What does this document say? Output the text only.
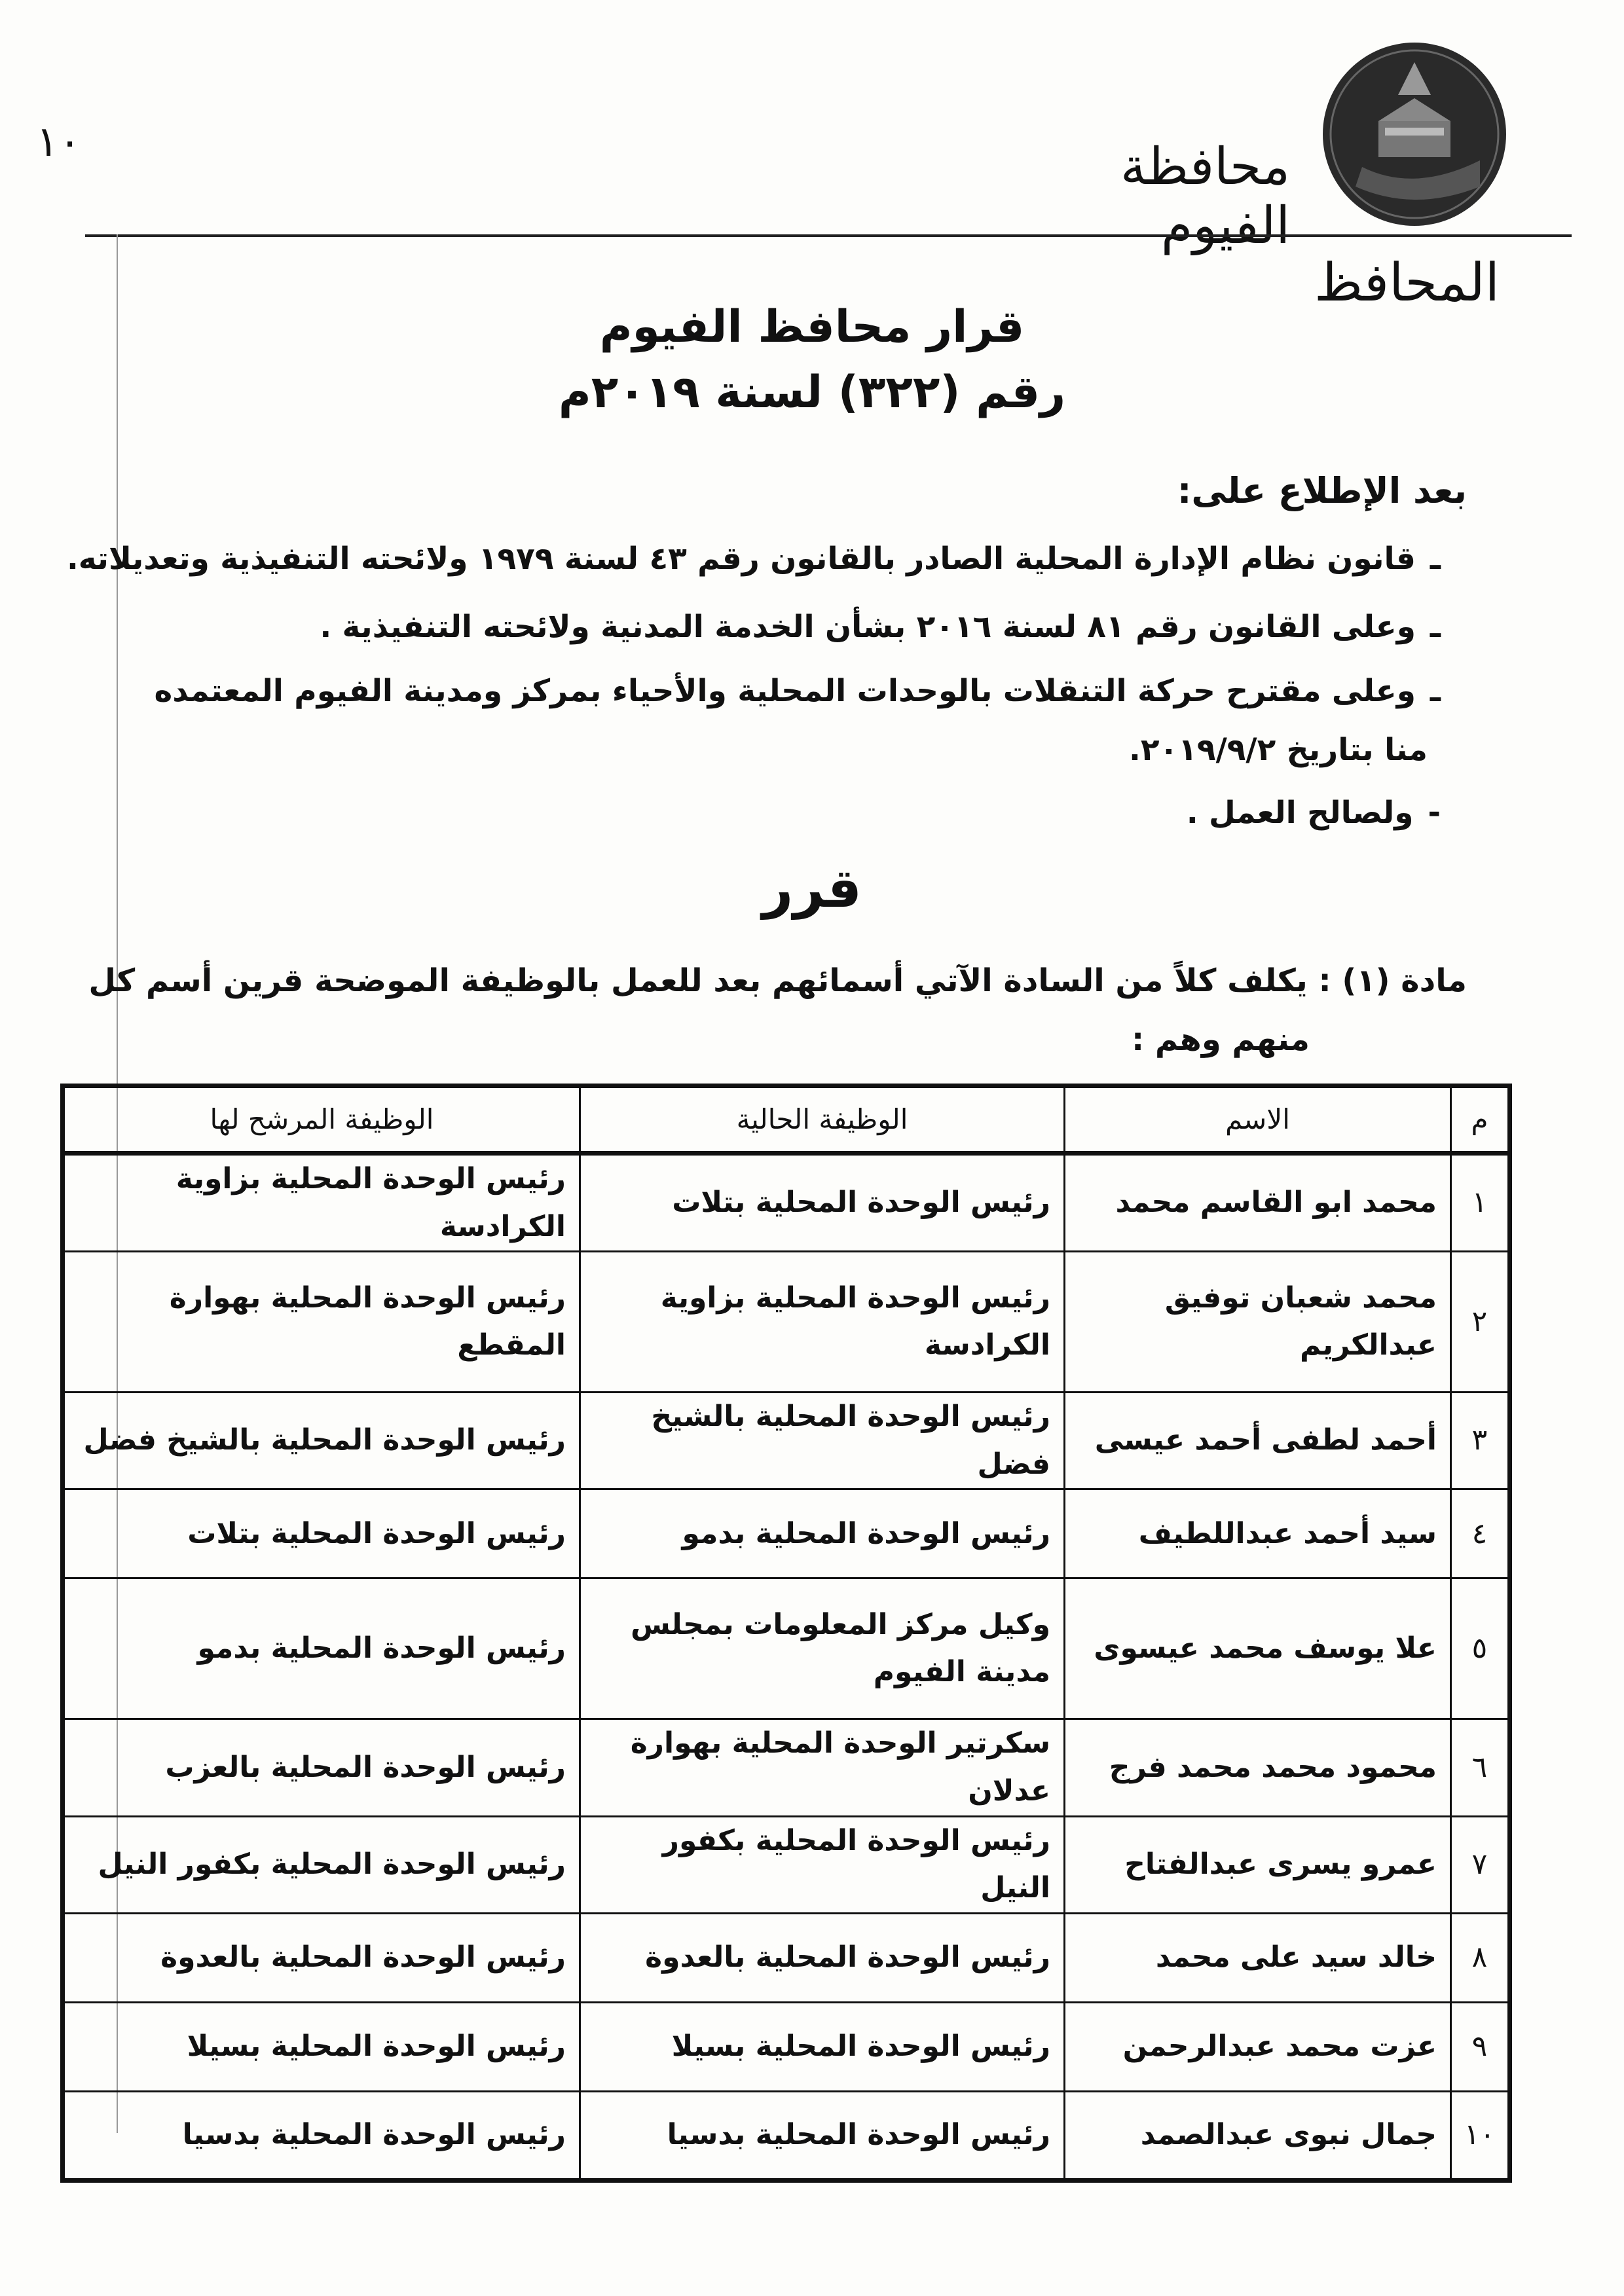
محافظة الفيوم
١٠
المحافظ
قرار محافظ الفيوم
رقم (٣٢٢) لسنة ٢٠١٩م
بعد الإطلاع على:
ـقانون نظام الإدارة المحلية الصادر بالقانون رقم ٤٣ لسنة ١٩٧٩ ولائحته التنفيذية وتعديلاته.
ـوعلى القانون رقم ٨١ لسنة ٢٠١٦ بشأن الخدمة المدنية ولائحته التنفيذية .
ـوعلى مقترح حركة التنقلات بالوحدات المحلية والأحياء بمركز ومدينة الفيوم المعتمده
منا بتاريخ ٢٠١٩/٩/٢.
-ولصالح العمل .
قرر
مادة (١) : يكلف كلاً من السادة الآتي أسمائهم بعد للعمل بالوظيفة الموضحة قرين أسم كل
منهم وهم :
م	الاسم	الوظيفة الحالية	الوظيفة المرشح لها
١	محمد ابو القاسم محمد	رئيس الوحدة المحلية بتلات	رئيس الوحدة المحلية بزاوية الكرادسة
٢	محمد شعبان توفيق عبدالكريم	رئيس الوحدة المحلية بزاوية الكرادسة	رئيس الوحدة المحلية بهوارة المقطع
٣	أحمد لطفى أحمد عيسى	رئيس الوحدة المحلية بالشيخ فضل	رئيس الوحدة المحلية بالشيخ فضل
٤	سيد أحمد عبداللطيف	رئيس الوحدة المحلية بدمو	رئيس الوحدة المحلية بتلات
٥	علا يوسف محمد عيسوى	وكيل مركز المعلومات بمجلس مدينة الفيوم	رئيس الوحدة المحلية بدمو
٦	محمود محمد محمد فرج	سكرتير الوحدة المحلية بهوارة عدلان	رئيس الوحدة المحلية بالعزب
٧	عمرو يسرى عبدالفتاح	رئيس الوحدة المحلية بكفور النيل	رئيس الوحدة المحلية بكفور النيل
٨	خالد سيد على محمد	رئيس الوحدة المحلية بالعدوة	رئيس الوحدة المحلية بالعدوة
٩	عزت محمد عبدالرحمن	رئيس الوحدة المحلية بسيلا	رئيس الوحدة المحلية بسيلا
١٠	جمال نبوى عبدالصمد	رئيس الوحدة المحلية بدسيا	رئيس الوحدة المحلية بدسيا
